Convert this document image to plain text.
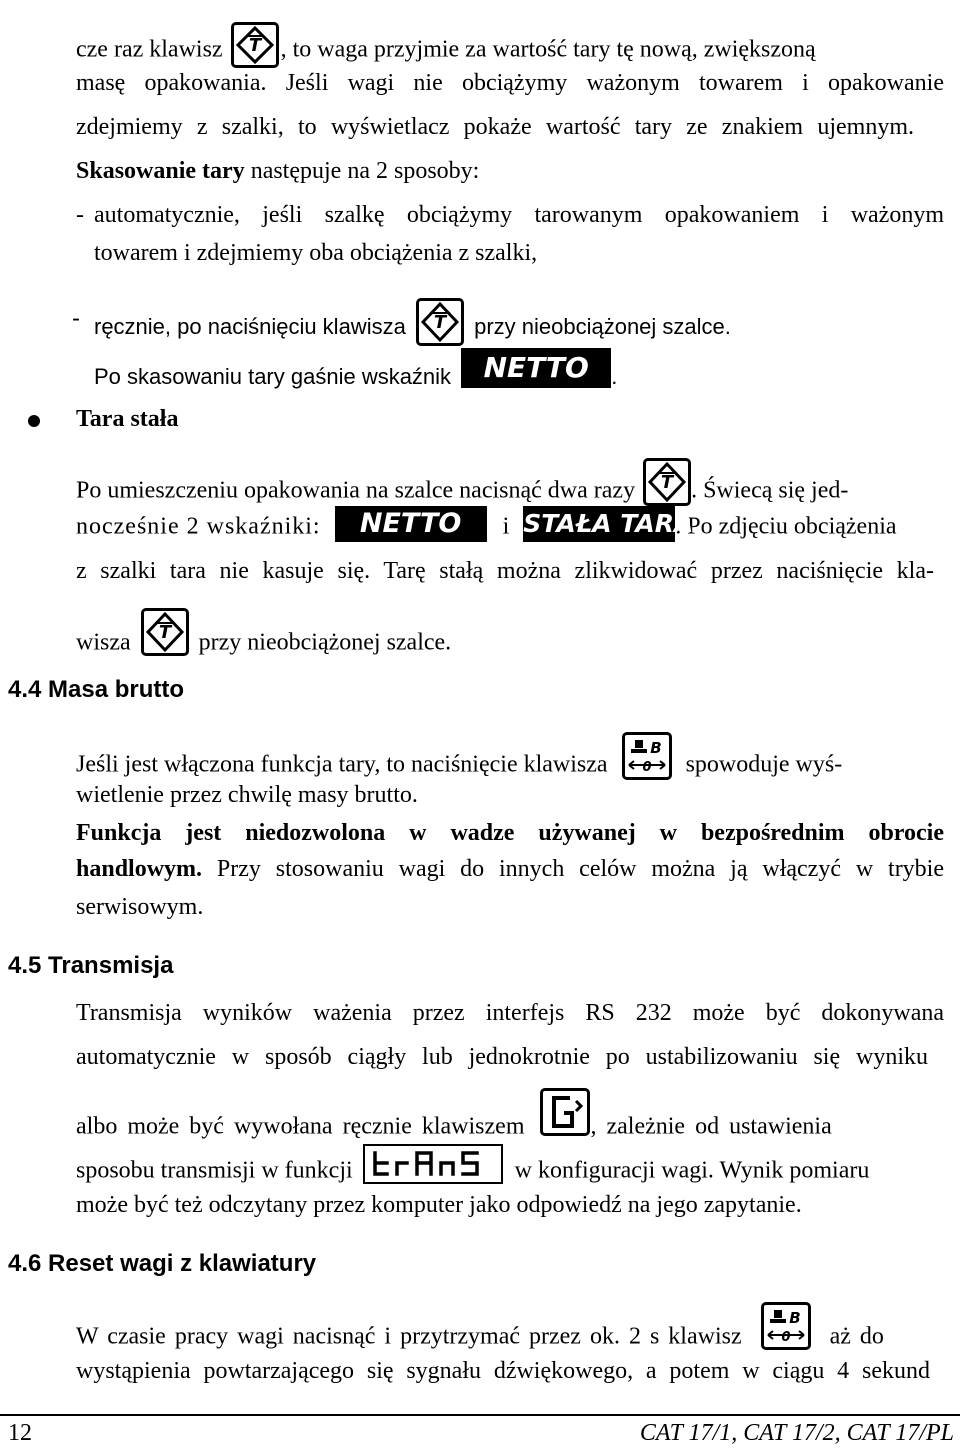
cze raz klawisz T , to waga przyjmie za wartość tary tę nową, zwiększoną
masę opakowania. Jeśli wagi nie obciążymy ważonym towarem i opakowanie
zdejmiemy z szalki, to wyświetlacz pokaże wartość tary ze znakiem ujemnym.
Skasowanie tary następuje na 2 sposoby:
- automatycznie, jeśli szalkę obciążymy tarowanym opakowaniem i ważonym
towarem i zdejmiemy oba obciążenia z szalki,
- ręcznie, po naciśnięciu klawisza T przy nieobciążonej szalce.
Po skasowaniu tary gaśnie wskaźnik NETTO .
Tara stała
Po umieszczeniu opakowania na szalce nacisnąć dwa razy T . Świecą się jed-
nocześnie 2 wskaźniki: NETTO i STAŁA TARA. Po zdjęciu obciążenia
z szalki tara nie kasuje się. Tarę stałą można zlikwidować przez naciśnięcie kla-
wisza T przy nieobciążonej szalce.
4.4 Masa brutto
Jeśli jest włączona funkcja tary, to naciśnięcie klawisza
B
0 spowoduje wyś-
wietlenie przez chwilę masy brutto.
Funkcja jest niedozwolona w wadze używanej w bezpośrednim obrocie
handlowym. Przy stosowaniu wagi do innych celów można ją włączyć w trybie
serwisowym.
4.5 Transmisja
Transmisja wyników ważenia przez interfejs RS 232 może być dokonywana
automatycznie w sposób ciągły lub jednokrotnie po ustabilizowaniu się wyniku
albo może być wywołana ręcznie klawiszem	, zależnie od ustawienia
sposobu transmisji w funkcji	w konfiguracji wagi. Wynik pomiaru
może być też odczytany przez komputer jako odpowiedź na jego zapytanie.
4.6 Reset wagi z klawiatury
W czasie pracy wagi nacisnąć i przytrzymać przez ok. 2 s klawisz
B
0 aż do
wystąpienia powtarzającego się sygnału dźwiękowego, a potem w ciągu 4 sekund
12	CAT 17/1, CAT 17/2, CAT 17/PL
